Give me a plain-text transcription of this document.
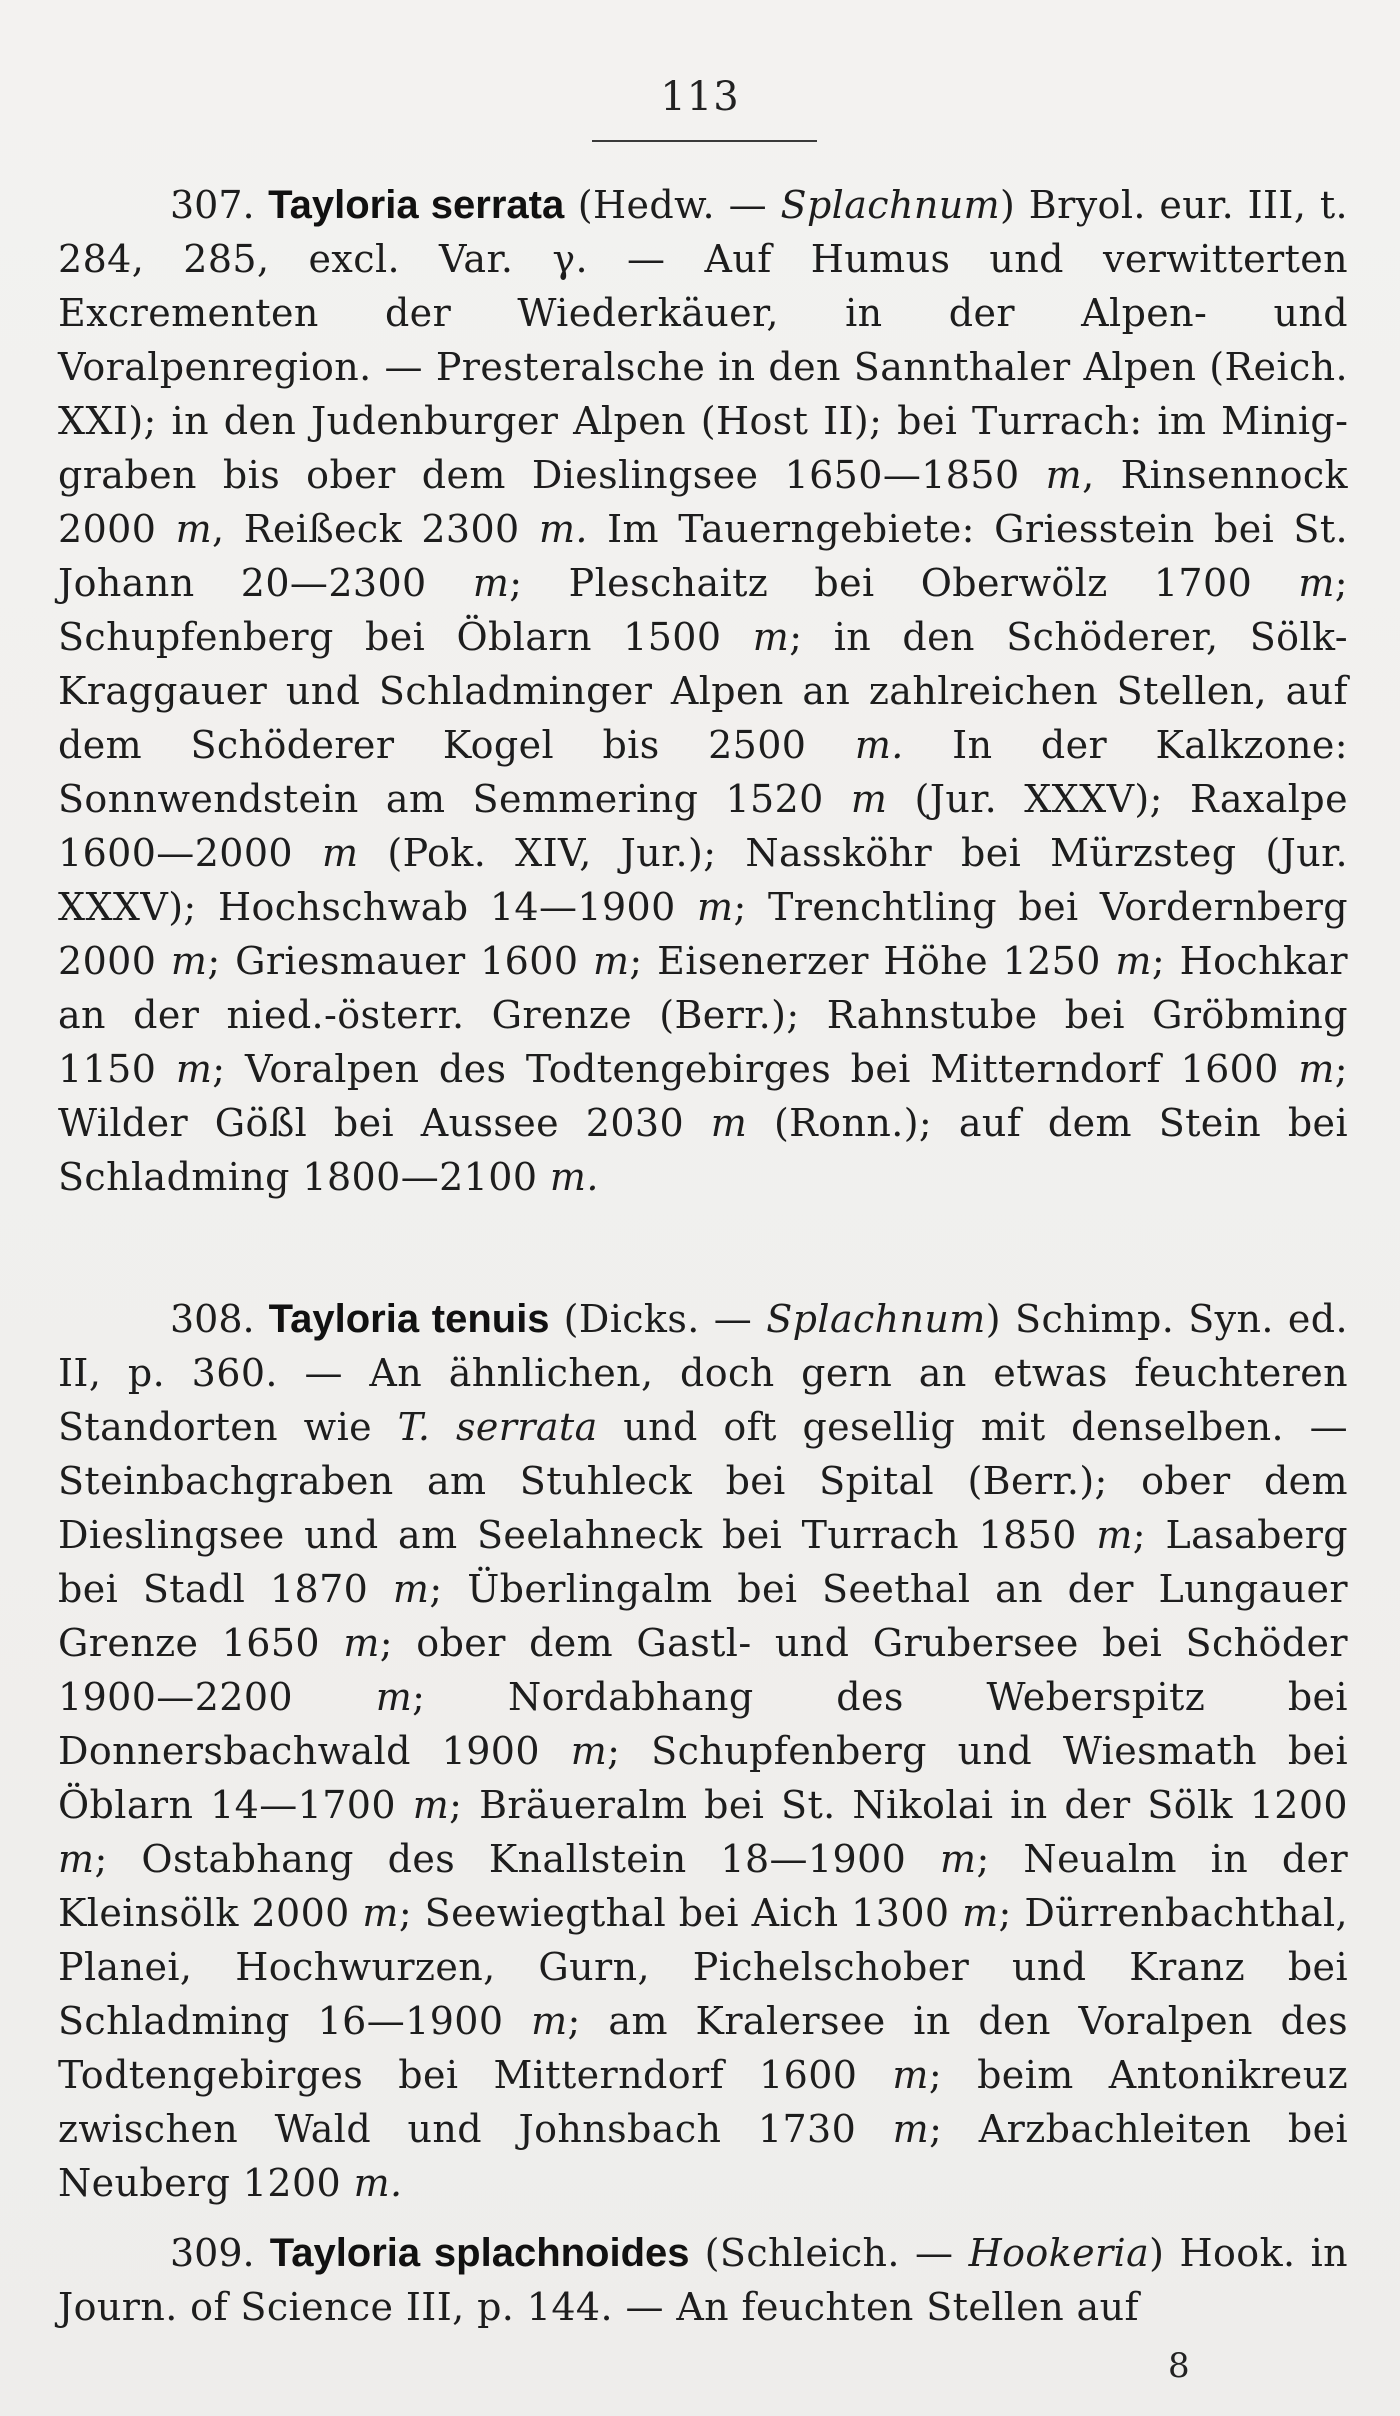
113

307. Tayloria serrata (Hedw. — Splachnum) Bryol. eur. III, t. 284, 285, excl. Var. γ. — Auf Humus und verwitterten Excrementen der Wiederkäuer, in der Alpen- und Voralpenregion. — Presteralsche in den Sannthaler Alpen (Reich. XXI); in den Judenburger Alpen (Host II); bei Turrach: im Miniggraben bis ober dem Dieslingsee 1650—1850 m, Rinsennock 2000 m, Reißeck 2300 m. Im Tauerngebiete: Griesstein bei St. Johann 20—2300 m; Pleschaitz bei Oberwölz 1700 m; Schupfenberg bei Öblarn 1500 m; in den Schöderer, Sölk-Kraggauer und Schladminger Alpen an zahlreichen Stellen, auf dem Schöderer Kogel bis 2500 m. In der Kalkzone: Sonnwendstein am Semmering 1520 m (Jur. XXXV); Raxalpe 1600—2000 m (Pok. XIV, Jur.); Nassköhr bei Mürzsteg (Jur. XXXV); Hochschwab 14—1900 m; Trenchtling bei Vordernberg 2000 m; Griesmauer 1600 m; Eisenerzer Höhe 1250 m; Hochkar an der nied.-österr. Grenze (Berr.); Rahnstube bei Gröbming 1150 m; Voralpen des Todtengebirges bei Mitterndorf 1600 m; Wilder Gößl bei Aussee 2030 m (Ronn.); auf dem Stein bei Schladming 1800—2100 m.

308. Tayloria tenuis (Dicks. — Splachnum) Schimp. Syn. ed. II, p. 360. — An ähnlichen, doch gern an etwas feuchteren Standorten wie T. serrata und oft gesellig mit denselben. — Steinbachgraben am Stuhleck bei Spital (Berr.); ober dem Dieslingsee und am Seelahneck bei Turrach 1850 m; Lasaberg bei Stadl 1870 m; Überlingalm bei Seethal an der Lungauer Grenze 1650 m; ober dem Gastl- und Grubersee bei Schöder 1900—2200 m; Nordabhang des Weberspitz bei Donnersbachwald 1900 m; Schupfenberg und Wiesmath bei Öblarn 14—1700 m; Bräueralm bei St. Nikolai in der Sölk 1200 m; Ostabhang des Knallstein 18—1900 m; Neualm in der Kleinsölk 2000 m; Seewiegthal bei Aich 1300 m; Dürrenbachthal, Planei, Hochwurzen, Gurn, Pichelschober und Kranz bei Schladming 16—1900 m; am Kralersee in den Voralpen des Todtengebirges bei Mitterndorf 1600 m; beim Antonikreuz zwischen Wald und Johnsbach 1730 m; Arzbachleiten bei Neuberg 1200 m.

309. Tayloria splachnoides (Schleich. — Hookeria) Hook. in Journ. of Science III, p. 144. — An feuchten Stellen auf

8
